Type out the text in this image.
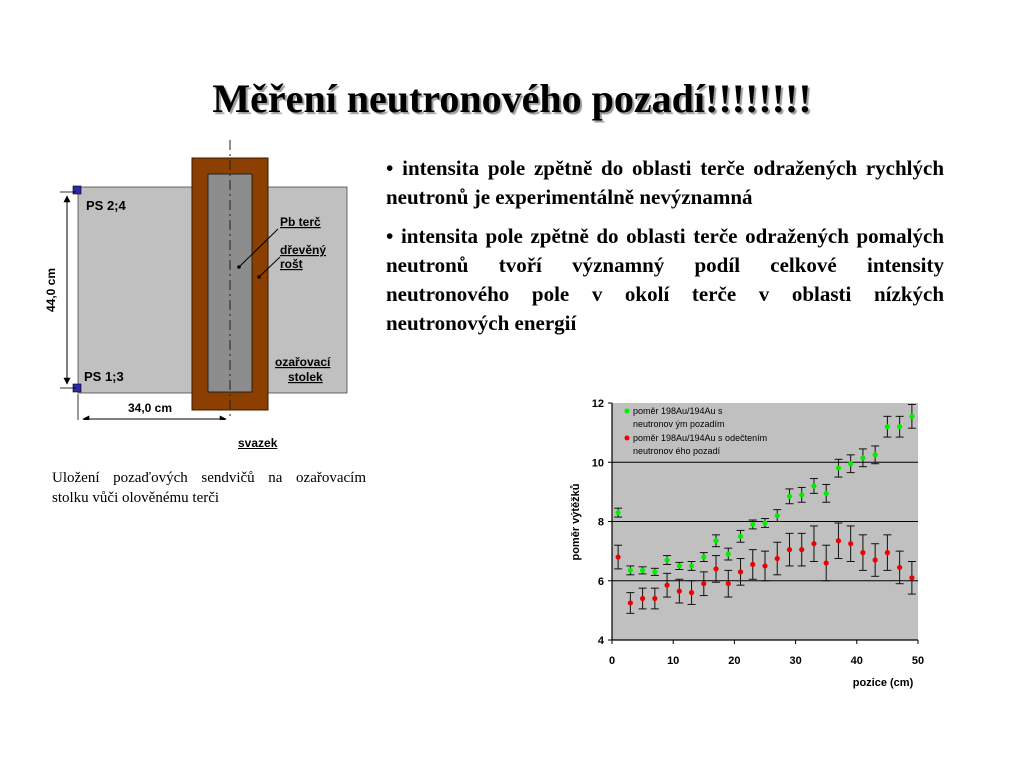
Měření neutronového pozadí!!!!!!!!

• intensita pole zpětně do oblasti terče odražených rychlých neutronů je experimentálně nevýznamná

• intensita pole zpětně do oblasti terče odražených pomalých neutronů tvoří významný podíl celkové intensity neutronového pole v okolí terče v oblasti nízkých neutronových energií

PS 2;4
PS 1;3
44,0 cm
34,0 cm
Pb terč
dřevěný
rošt
ozařovací
stolek
svazek
Uložení pozaďových sendvičů na ozařovacím stolku vůči olověnému terči
4
6
8
10
12
0	10	20	30	40	50
poměr 198Au/194Au s
neutronov ým pozadím
poměr 198Au/194Au s odečtením
neutronov ého pozadí
poměr výtěžků
pozice (cm)
